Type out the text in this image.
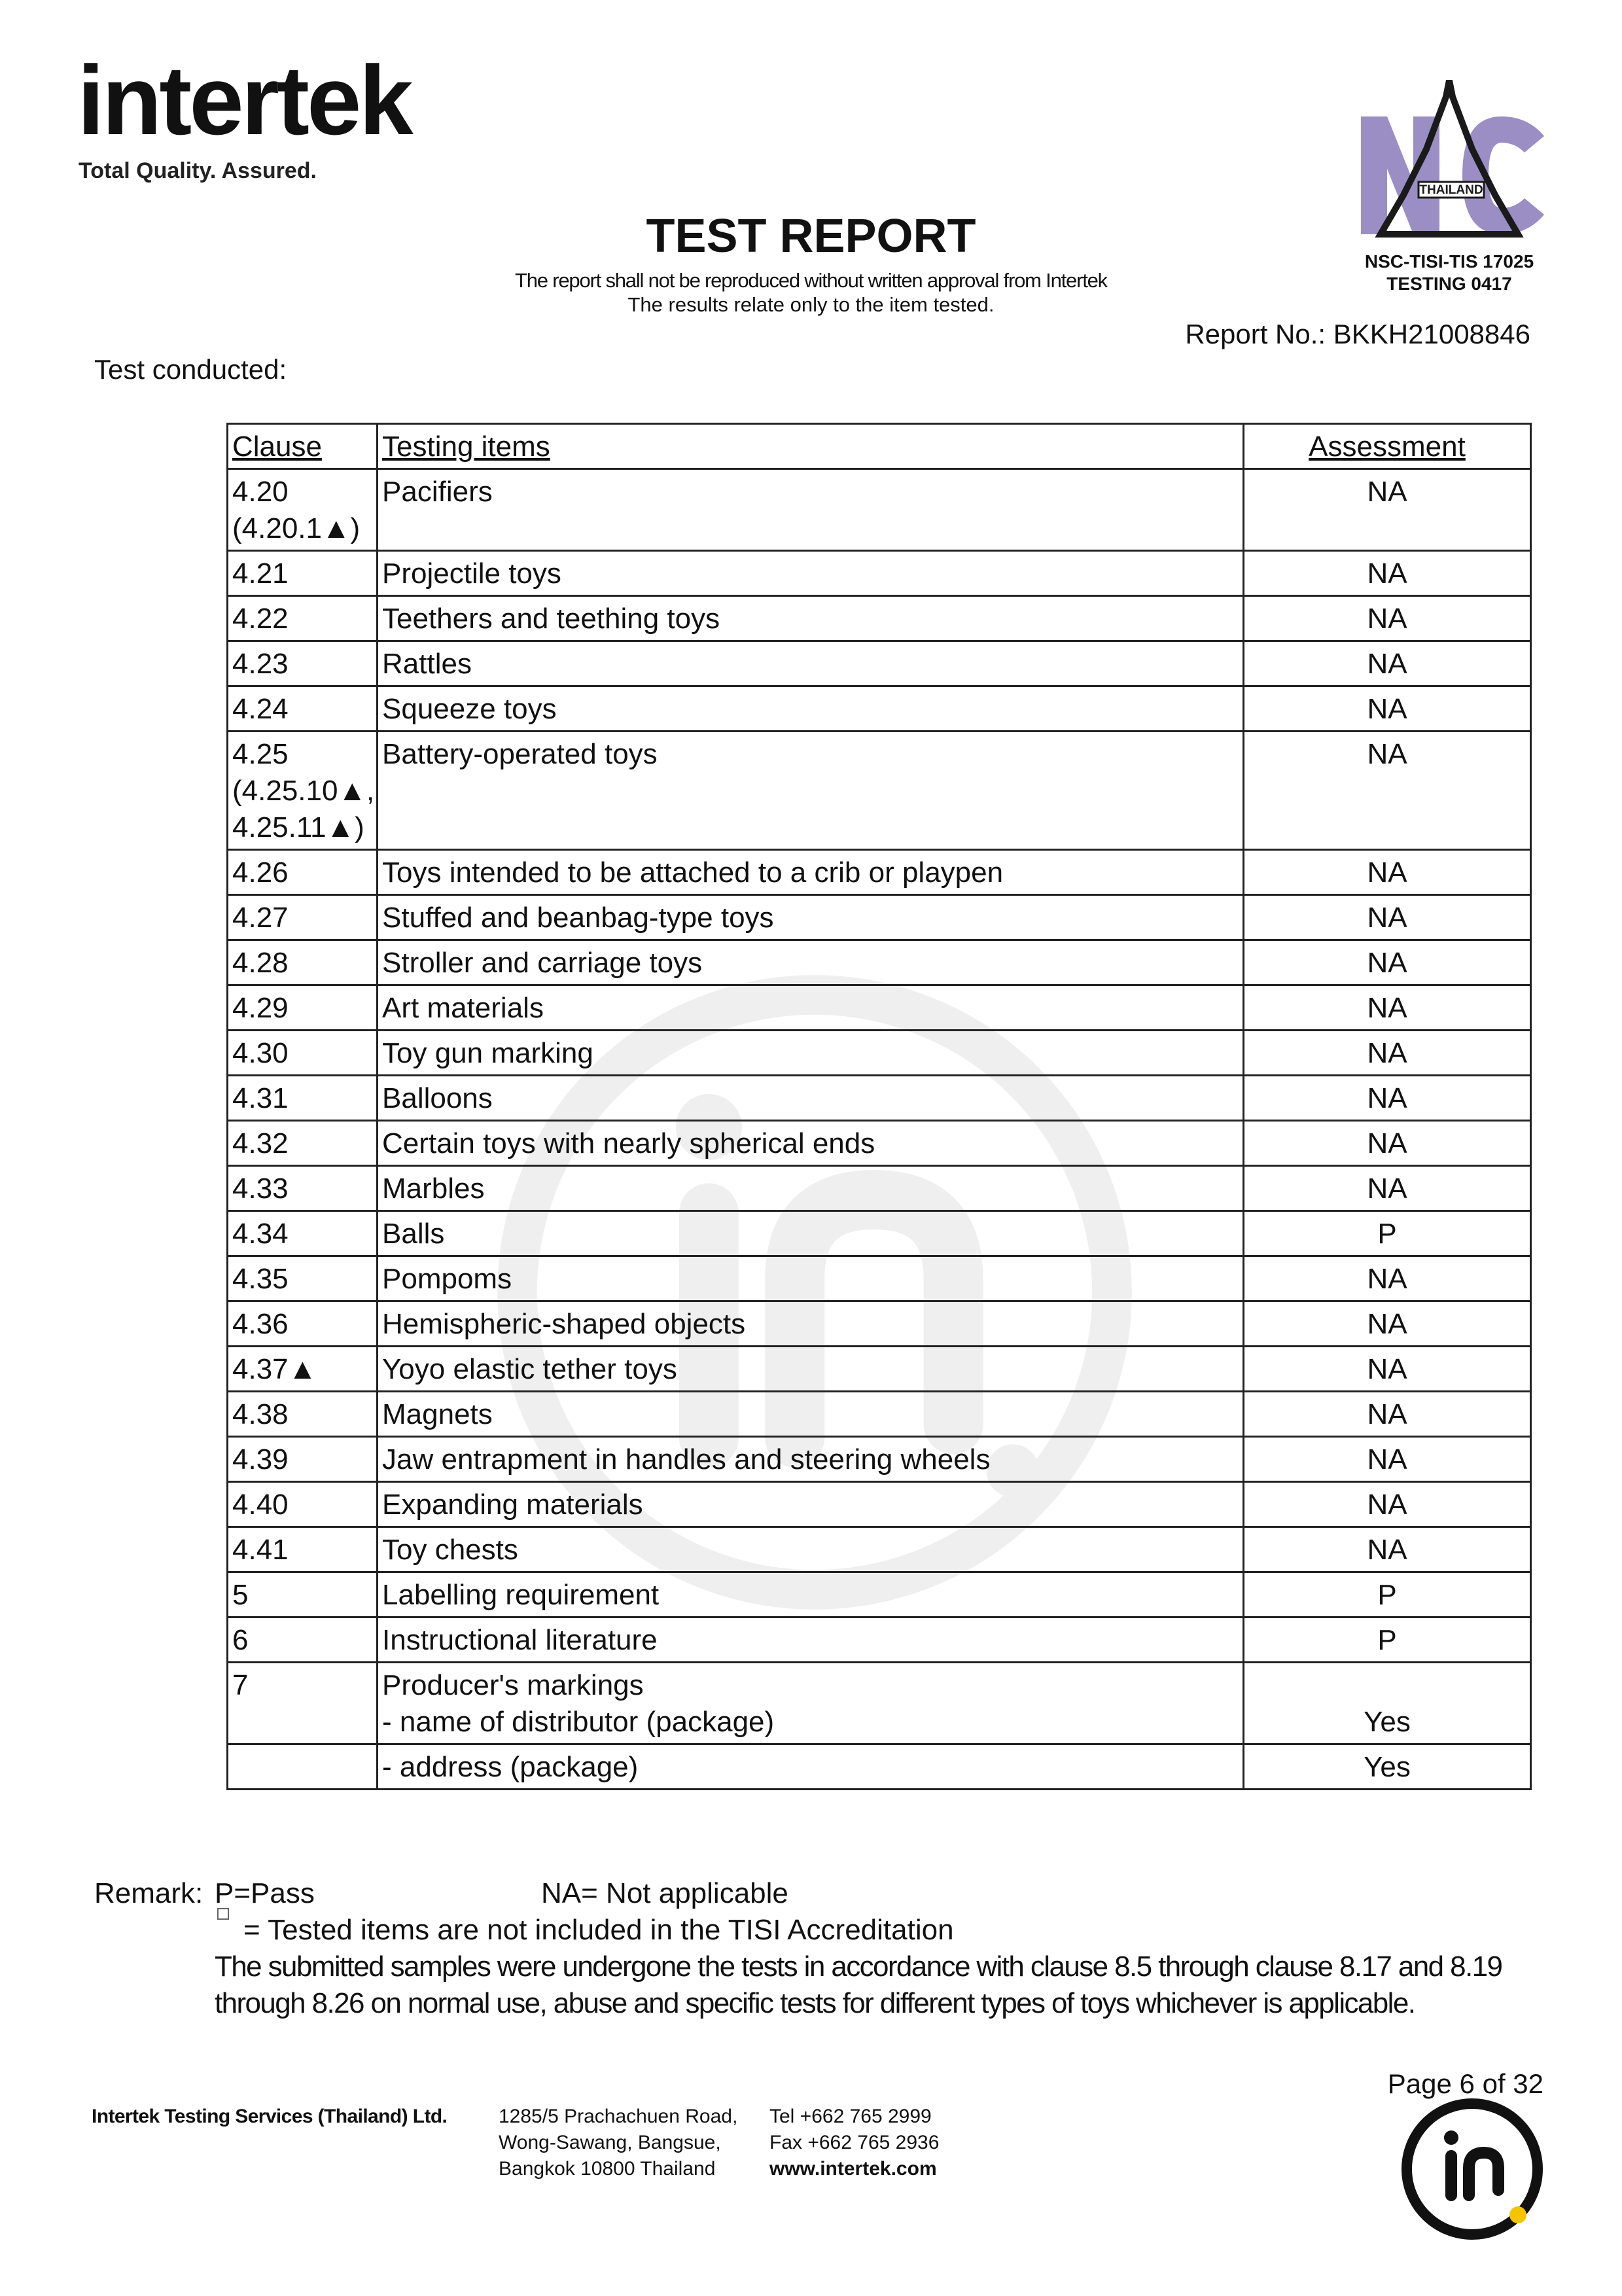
intertek
Total Quality. Assured.
THAILAND
NSC-TISI-TIS 17025
TESTING 0417
TEST REPORT
The report shall not be reproduced without written approval from Intertek
The results relate only to the item tested.
Report No.: BKKH21008846
Test conducted:
Clause	Testing items	Assessment

4.20
(4.20.1▲)	Pacifiers	NA
4.21	Projectile toys	NA
4.22	Teethers and teething toys	NA
4.23	Rattles	NA
4.24	Squeeze toys	NA

4.25
(4.25.10▲,
4.25.11▲)	Battery-operated toys	NA
4.26	Toys intended to be attached to a crib or playpen	NA
4.27	Stuffed and beanbag-type toys	NA
4.28	Stroller and carriage toys	NA
4.29	Art materials	NA
4.30	Toy gun marking	NA
4.31	Balloons	NA
4.32	Certain toys with nearly spherical ends	NA
4.33	Marbles	NA
4.34	Balls	P
4.35	Pompoms	NA
4.36	Hemispheric-shaped objects	NA
4.37▲	Yoyo elastic tether toys	NA
4.38	Magnets	NA
4.39	Jaw entrapment in handles and steering wheels	NA
4.40	Expanding materials	NA
4.41	Toy chests	NA
5	Labelling requirement	P
6	Instructional literature	P
7	Producer's markings
- name of distributor (package)	Yes

	- address (package)	Yes
Remark: P=Pass	NA= Not applicable
= Tested items are not included in the TISI Accreditation
The submitted samples were undergone the tests in accordance with clause 8.5 through clause 8.17 and 8.19
through 8.26 on normal use, abuse and specific tests for different types of toys whichever is applicable.
Page 6 of 32
Intertek Testing Services (Thailand) Ltd.	1285/5 Prachachuen Road,
Wong-Sawang, Bangsue,
Bangkok 10800 Thailand
Tel +662 765 2999
Fax +662 765 2936
www.intertek.com
